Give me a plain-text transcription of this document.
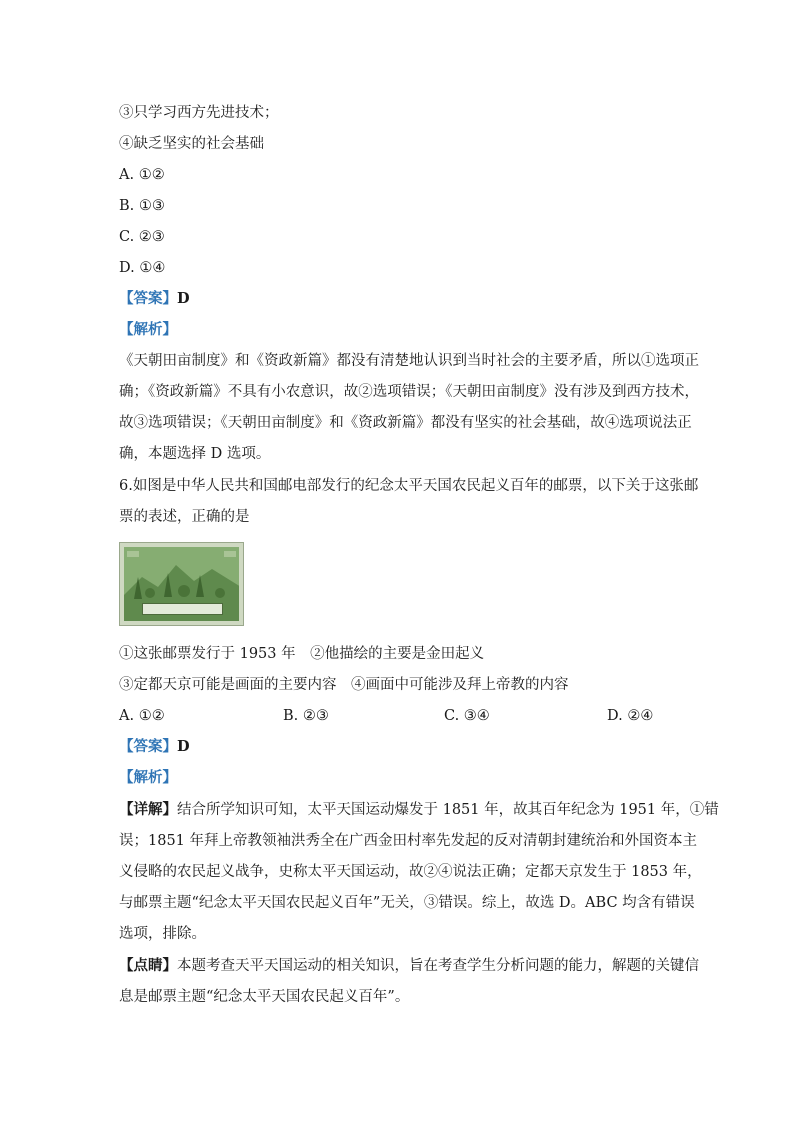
③只学习西方先进技术；
④缺乏坚实的社会基础
A. ①②
B. ①③
C. ②③
D. ①④
【答案】D
【解析】
《天朝田亩制度》和《资政新篇》都没有清楚地认识到当时社会的主要矛盾，所以①选项正
确；《资政新篇》不具有小农意识，故②选项错误；《天朝田亩制度》没有涉及到西方技术，
故③选项错误；《天朝田亩制度》和《资政新篇》都没有坚实的社会基础，故④选项说法正
确，本题选择 D 选项。
6.如图是中华人民共和国邮电部发行的纪念太平天国农民起义百年的邮票，以下关于这张邮
票的表述，正确的是
①这张邮票发行于 1953 年　②他描绘的主要是金田起义
③定都天京可能是画面的主要内容　④画面中可能涉及拜上帝教的内容
A. ①②	B. ②③	C. ③④	D. ②④
【答案】D
【解析】
【详解】结合所学知识可知，太平天国运动爆发于 1851 年，故其百年纪念为 1951 年，①错
误；1851 年拜上帝教领袖洪秀全在广西金田村率先发起的反对清朝封建统治和外国资本主
义侵略的农民起义战争，史称太平天国运动，故②④说法正确；定都天京发生于 1853 年，
与邮票主题“纪念太平天国农民起义百年”无关，③错误。综上，故选 D。ABC 均含有错误
选项，排除。
【点睛】本题考查天平天国运动的相关知识，旨在考查学生分析问题的能力，解题的关键信
息是邮票主题“纪念太平天国农民起义百年”。
